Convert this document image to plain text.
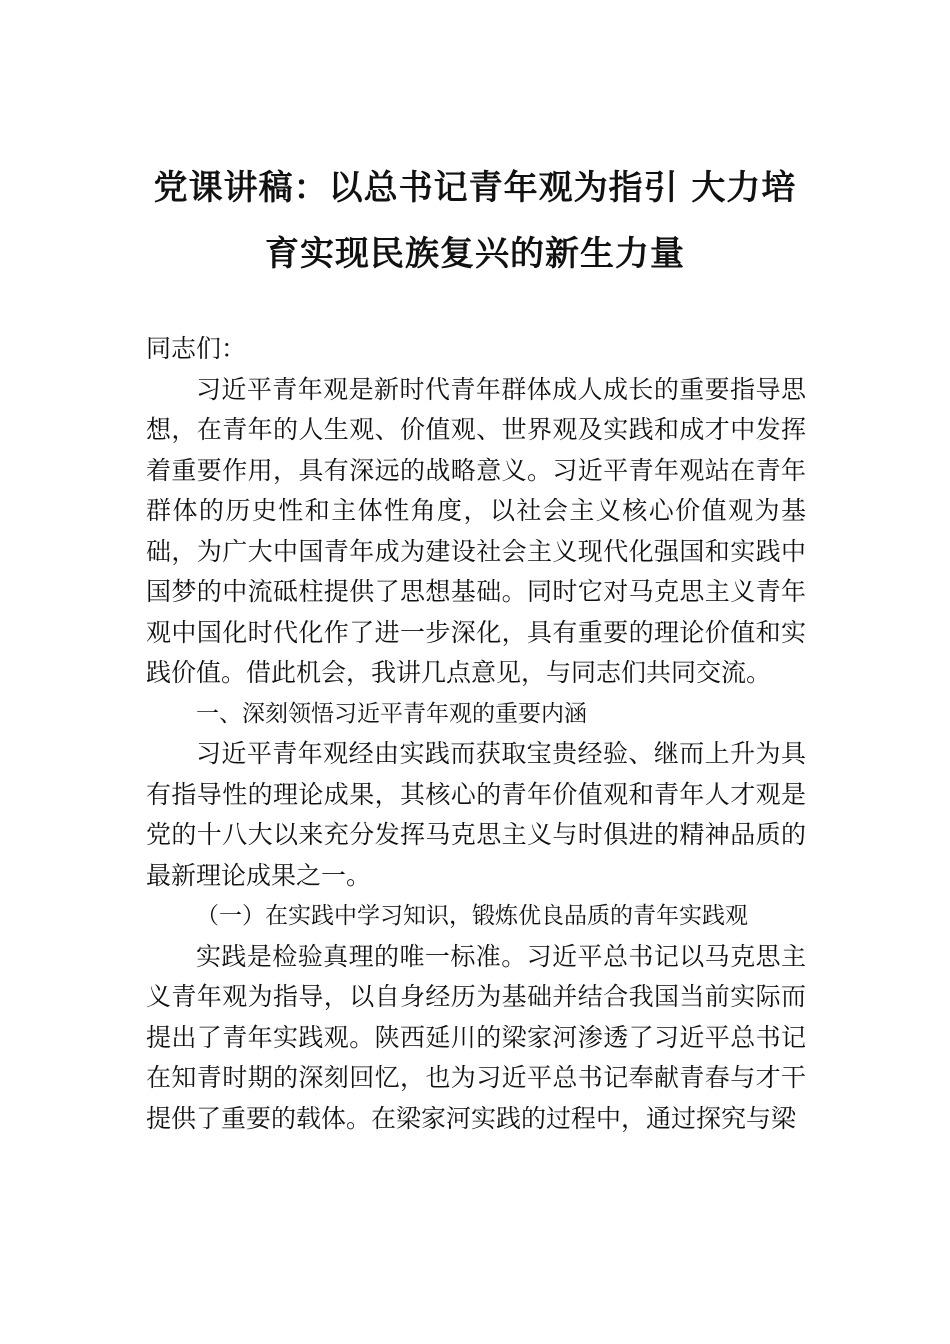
党课讲稿：以总书记青年观为指引 大力培
育实现民族复兴的新生力量

同志们：

习近平青年观是新时代青年群体成人成长的重要指导思想，在青年的人生观、价值观、世界观及实践和成才中发挥着重要作用，具有深远的战略意义。习近平青年观站在青年群体的历史性和主体性角度，以社会主义核心价值观为基础，为广大中国青年成为建设社会主义现代化强国和实践中国梦的中流砥柱提供了思想基础。同时它对马克思主义青年观中国化时代化作了进一步深化，具有重要的理论价值和实践价值。借此机会，我讲几点意见，与同志们共同交流。

一、深刻领悟习近平青年观的重要内涵

习近平青年观经由实践而获取宝贵经验、继而上升为具有指导性的理论成果，其核心的青年价值观和青年人才观是党的十八大以来充分发挥马克思主义与时俱进的精神品质的最新理论成果之一。

（一）在实践中学习知识，锻炼优良品质的青年实践观

实践是检验真理的唯一标准。习近平总书记以马克思主义青年观为指导，以自身经历为基础并结合我国当前实际而提出了青年实践观。陕西延川的梁家河渗透了习近平总书记在知青时期的深刻回忆，也为习近平总书记奉献青春与才干提供了重要的载体。在梁家河实践的过程中，通过探究与梁
